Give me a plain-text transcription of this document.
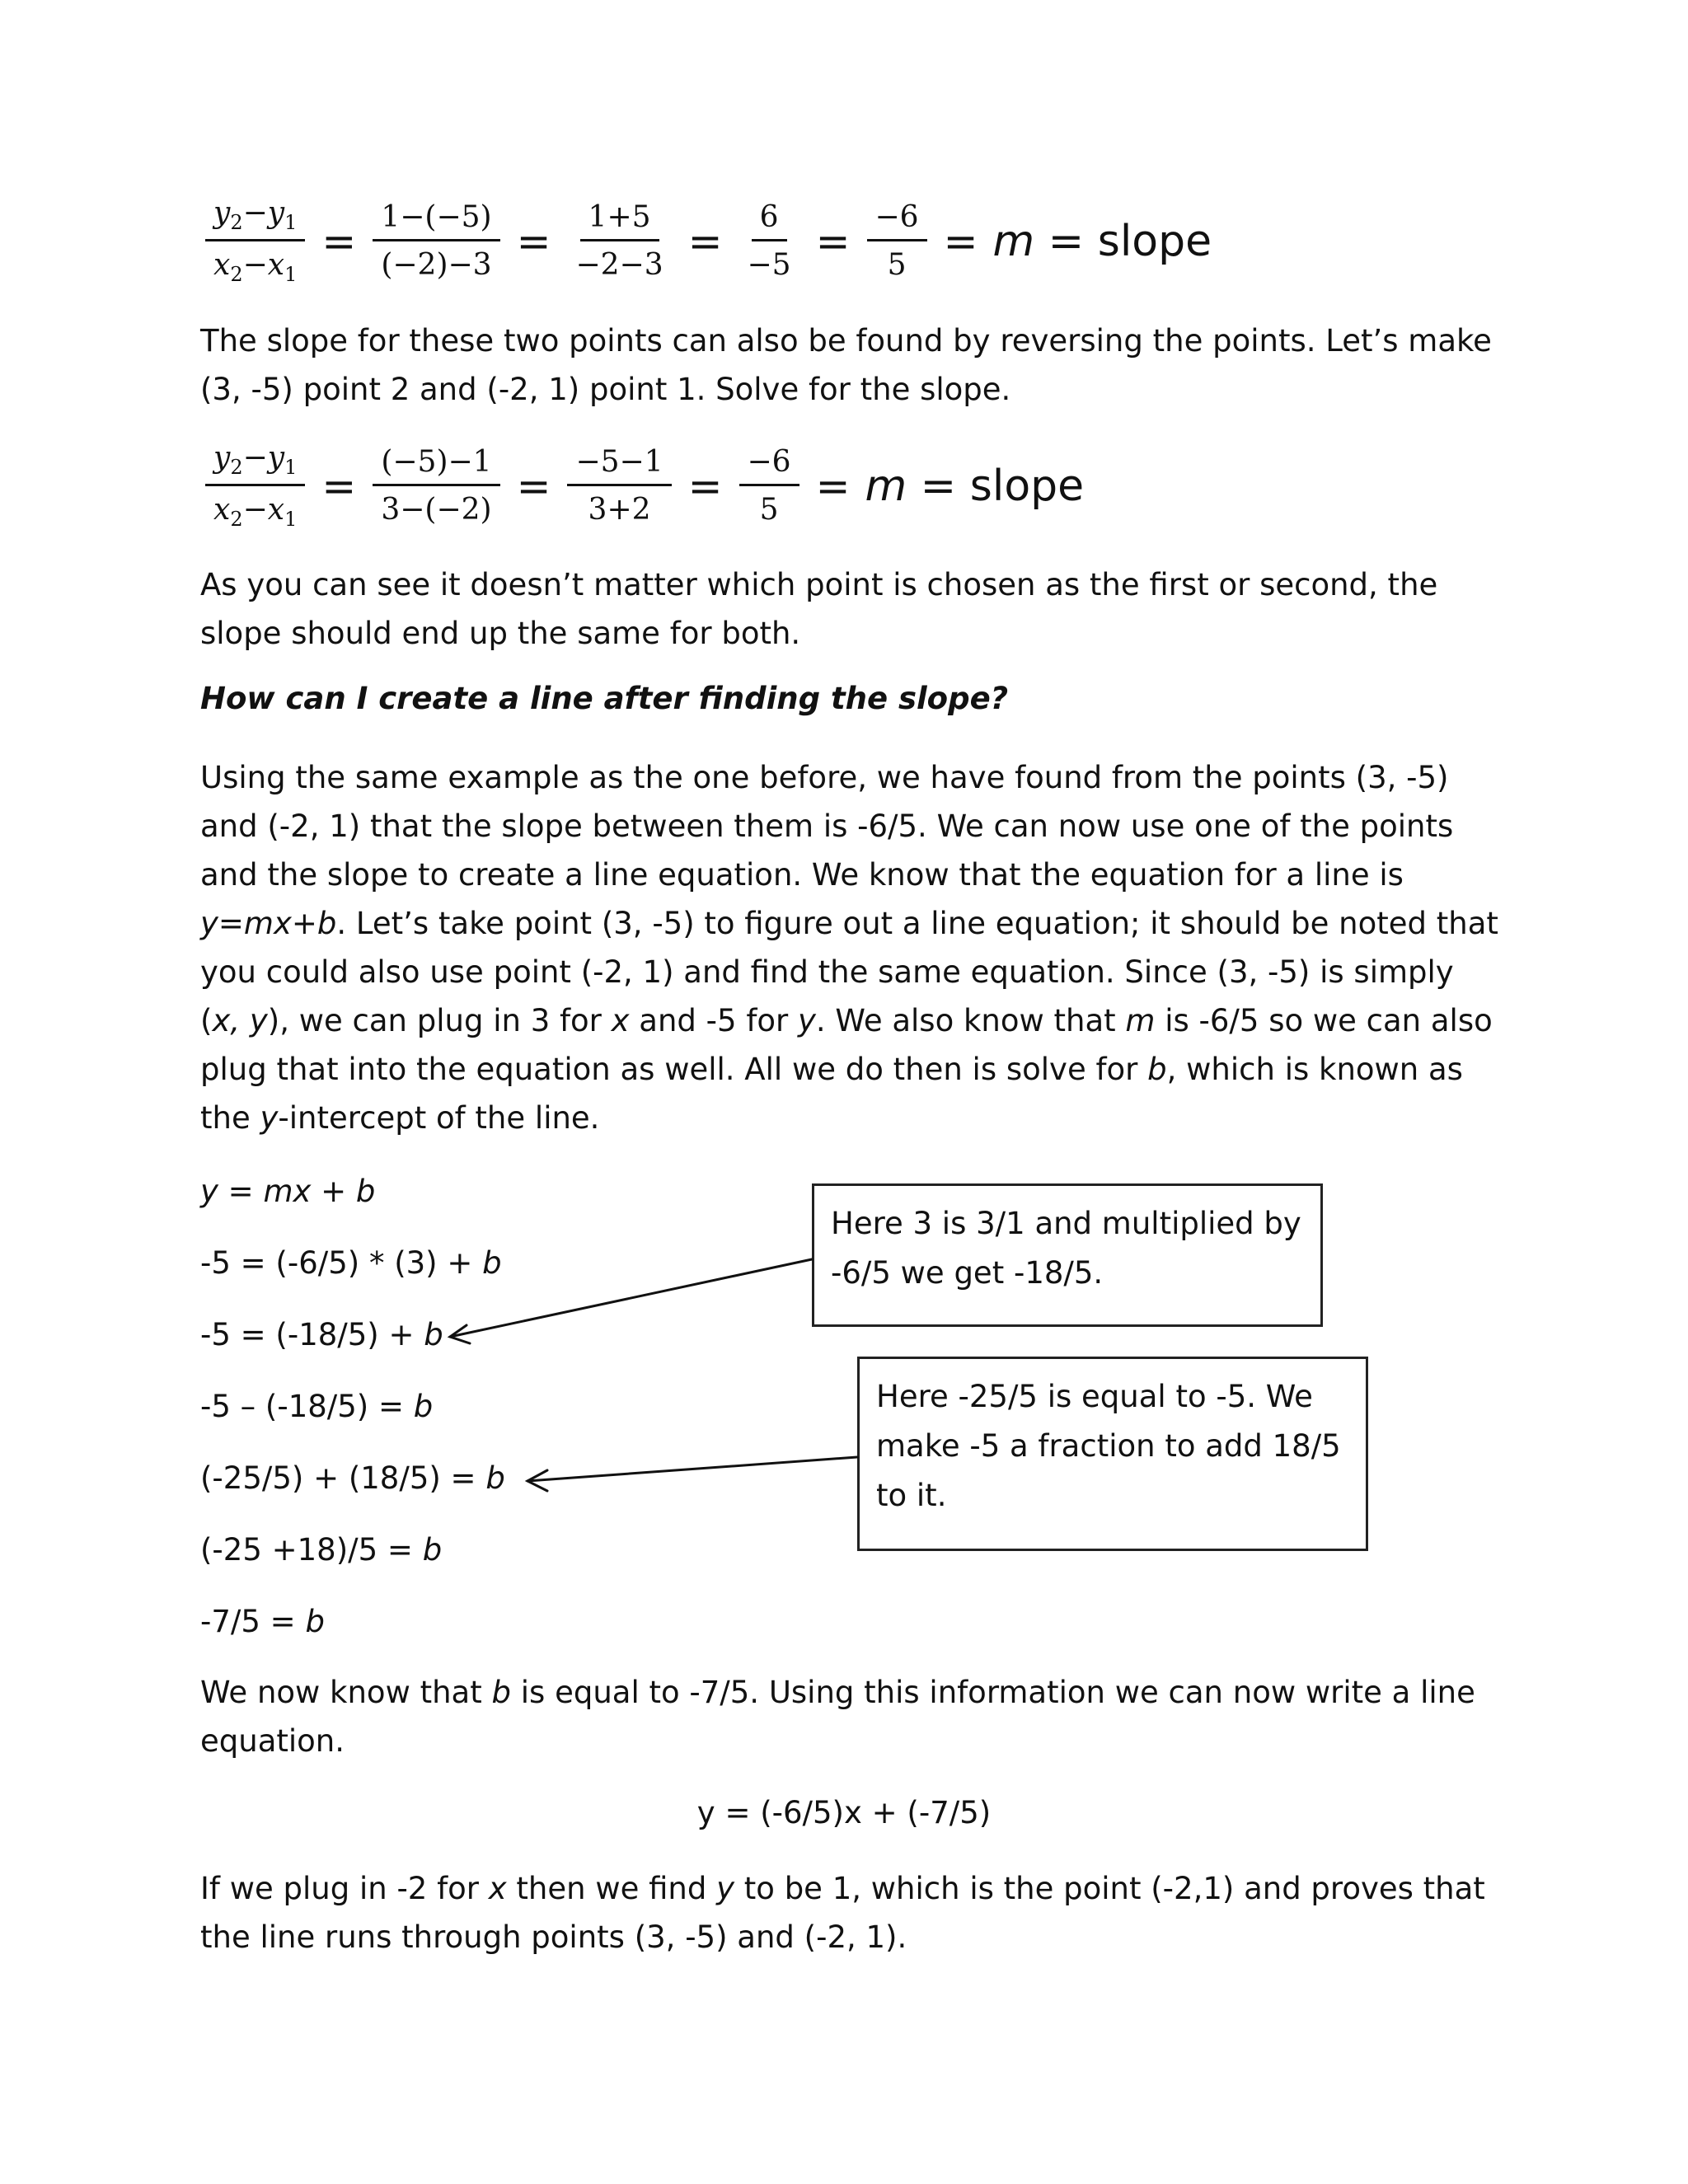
$\frac{y_2-y_1}{x_2-x_1} = \frac{1-(-5)}{(-2)-3} = \frac{1+5}{-2-3} = \frac{6}{-5} = \frac{-6}{5} = m$ = slope

The slope for these two points can also be found by reversing the points. Let’s make (3, -5) point 2 and (-2, 1) point 1. Solve for the slope.

$\frac{y_2-y_1}{x_2-x_1} = \frac{(-5)-1}{3-(-2)} = \frac{-5-1}{3+2} = \frac{-6}{5} = m$ = slope

As you can see it doesn’t matter which point is chosen as the first or second, the slope should end up the same for both.

How can I create a line after finding the slope?

Using the same example as the one before, we have found from the points (3, -5) and (-2, 1) that the slope between them is -6/5. We can now use one of the points and the slope to create a line equation. We know that the equation for a line is y=mx+b. Let’s take point (3, -5) to figure out a line equation; it should be noted that you could also use point (-2, 1) and find the same equation. Since (3, -5) is simply (x, y), we can plug in 3 for x and -5 for y. We also know that m is -6/5 so we can also plug that into the equation as well. All we do then is solve for b, which is known as the y-intercept of the line.

y = mx + b

-5 = (-6/5) * (3) + b

-5 = (-18/5) + b

-5 – (-18/5) = b

(-25/5) + (18/5) = b

(-25 +18)/5 = b

-7/5 = b

Here 3 is 3/1 and multiplied by -6/5 we get -18/5.
Here -25/5 is equal to -5. We make -5 a fraction to add 18/5 to it.

We now know that b is equal to -7/5. Using this information we can now write a line equation.

y = (-6/5)x + (-7/5)

If we plug in -2 for x then we find y to be 1, which is the point (-2,1) and proves that the line runs through points (3, -5) and (-2, 1).
